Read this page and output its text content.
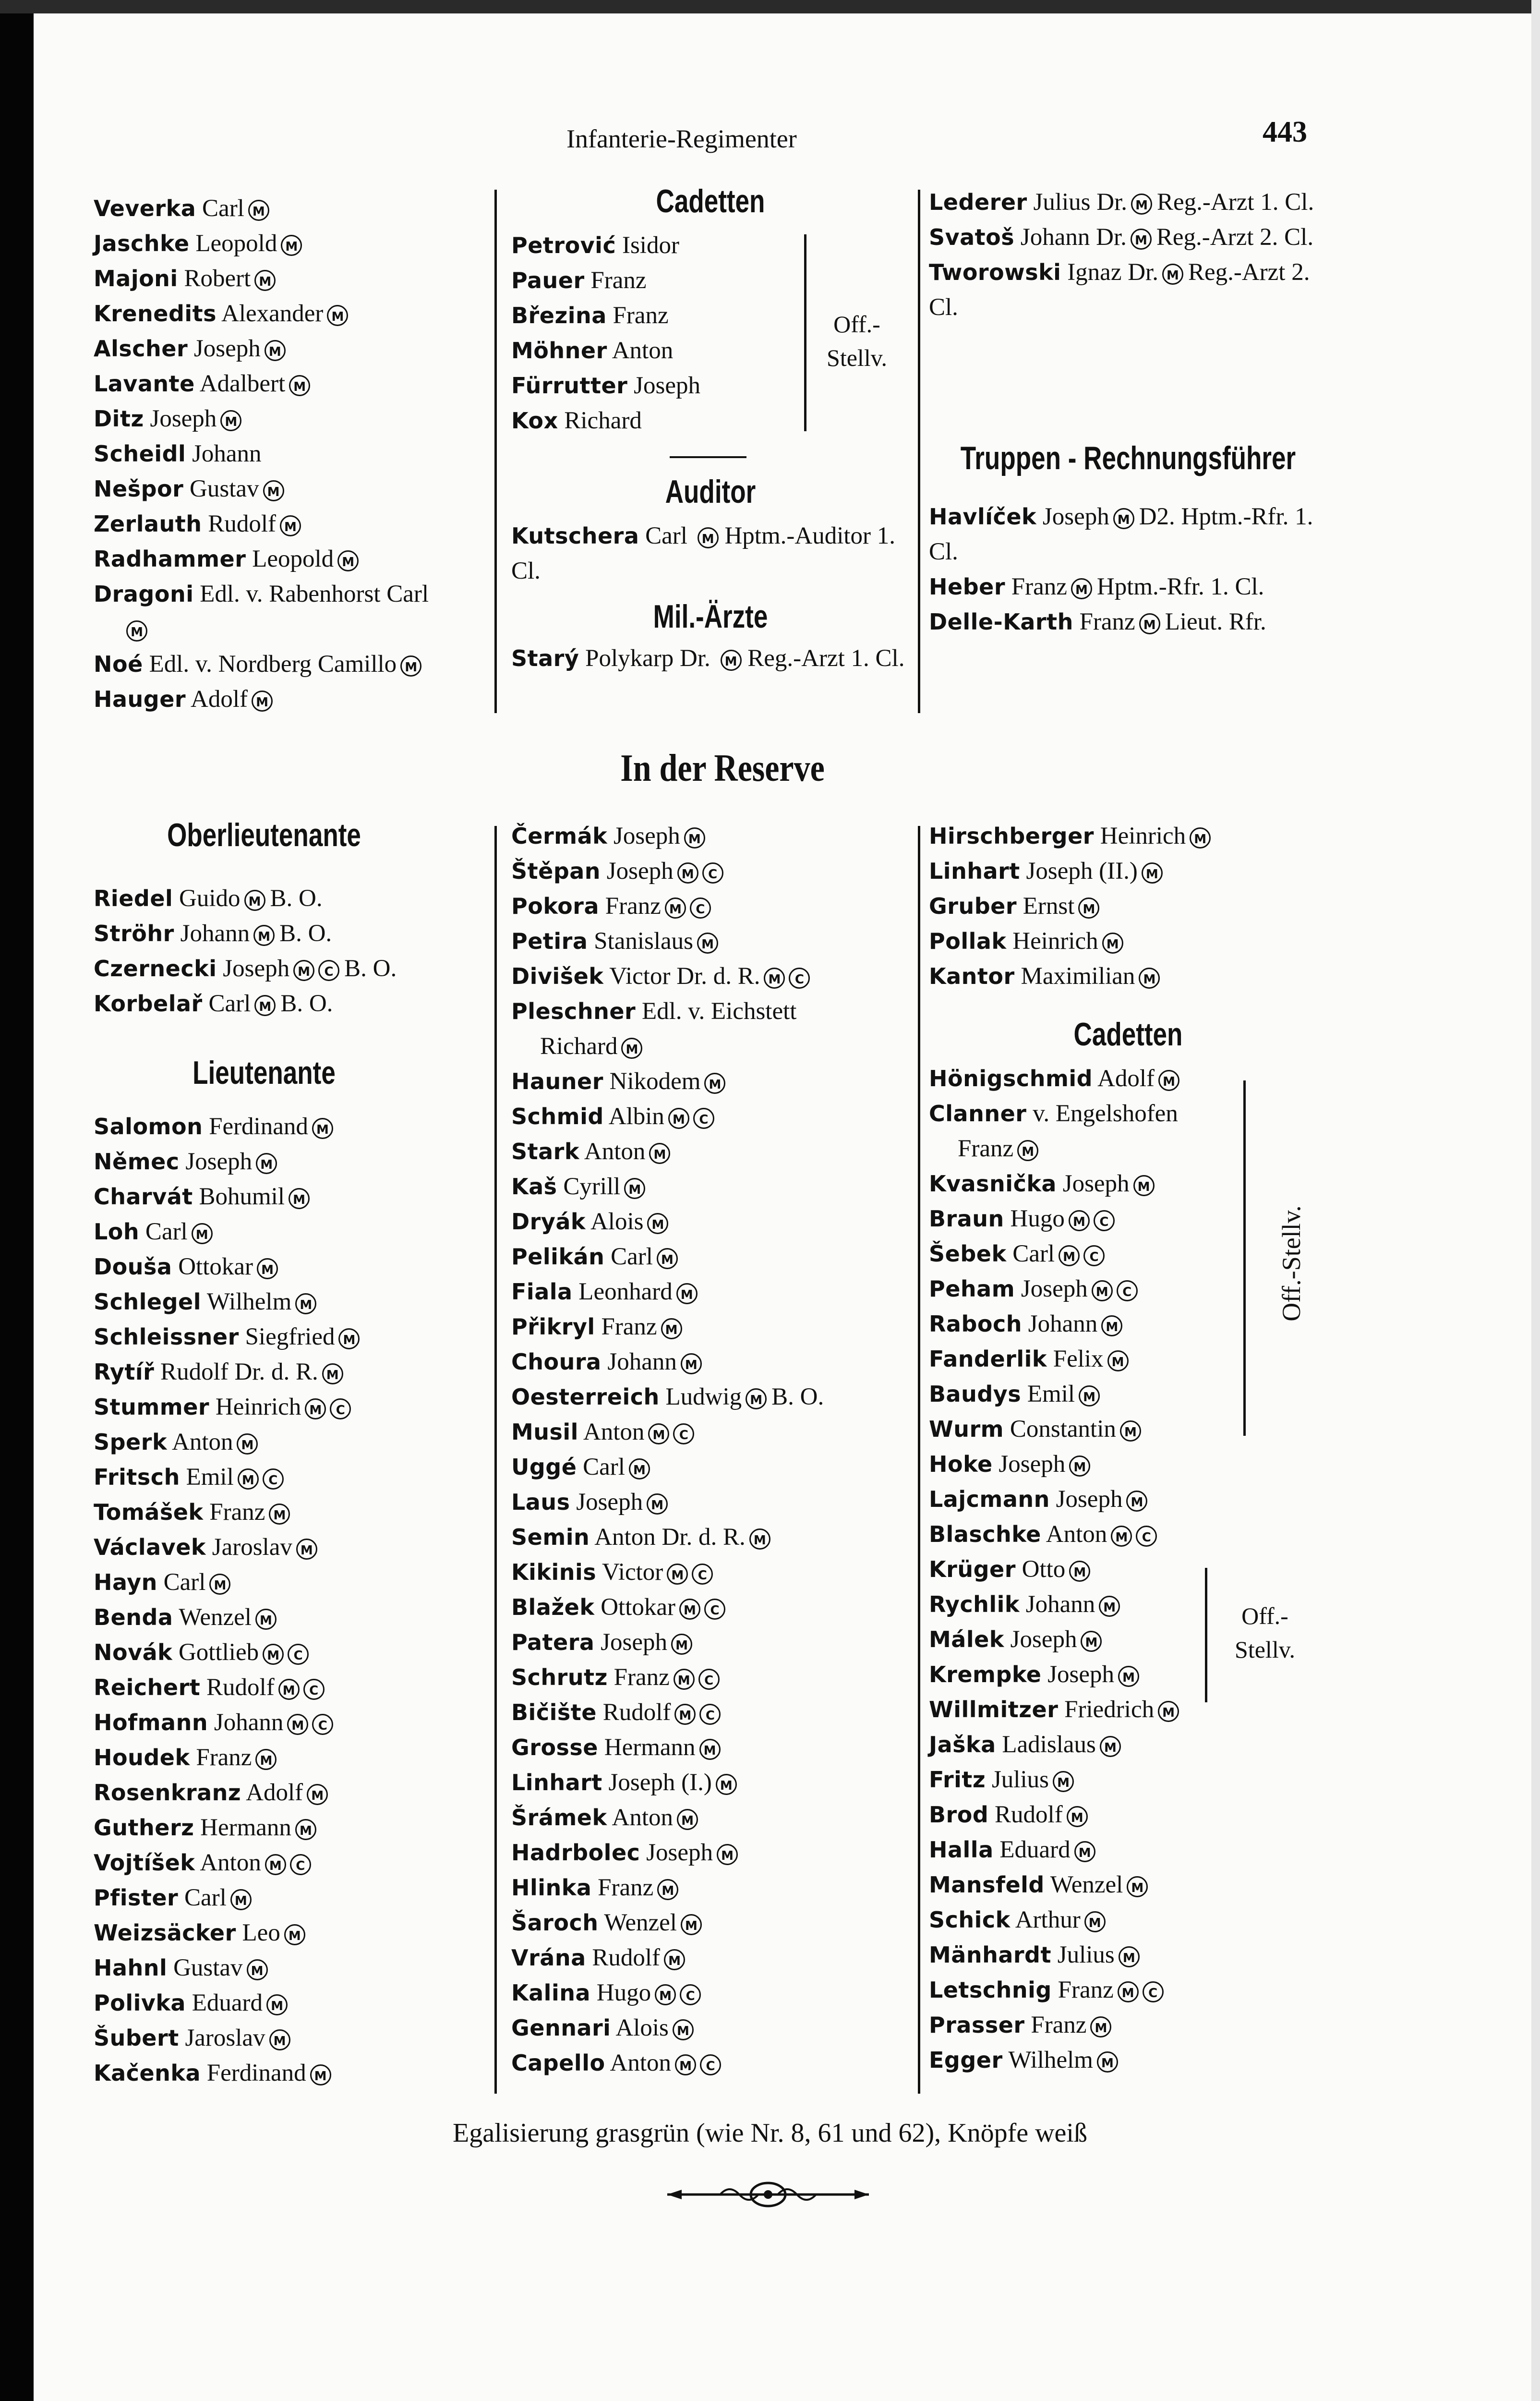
Infanterie-Regimenter	443
Veverka Carl M
Jaschke Leopold M
Majoni Robert M
Krenedits Alexander M
Alscher Joseph M
Lavante Adalbert M
Ditz Joseph M
Scheidl Johann
Nešpor Gustav M
Zerlauth Rudolf M
Radhammer Leopold M
Dragoni Edl. v. Rabenhorst Carl
M
Noé Edl. v. Nordberg Camillo M
Hauger Adolf M
Cadetten
Petrović Isidor
Pauer Franz
Březina Franz
Möhner Anton
Fürrutter Joseph
Kox Richard
Off.- Stellv.
Auditor
Kutschera Carl M Hptm.-Auditor 1. Cl.
Mil.-Ärzte
Starý Polykarp Dr. M Reg.-Arzt 1. Cl.
Lederer Julius Dr. M Reg.-Arzt 1. Cl.
Svatoš Johann Dr. M Reg.-Arzt 2. Cl.
Tworowski Ignaz Dr. M Reg.-Arzt 2. Cl.
Truppen - Rechnungsführer
Havlíček Joseph M D2. Hptm.-Rfr. 1. Cl.
Heber Franz M Hptm.-Rfr. 1. Cl.
Delle-Karth Franz M Lieut. Rfr.
In der Reserve
Oberlieutenante
Riedel Guido M B. O.
Ströhr Johann M B. O.
Czernecki Joseph M C B. O.
Korbelař Carl M B. O.
Lieutenante
Salomon Ferdinand M
Němec Joseph M
Charvát Bohumil M
Loh Carl M
Douša Ottokar M
Schlegel Wilhelm M
Schleissner Siegfried M
Rytíř Rudolf Dr. d. R. M
Stummer Heinrich M C
Sperk Anton M
Fritsch Emil M C
Tomášek Franz M
Václavek Jaroslav M
Hayn Carl M
Benda Wenzel M
Novák Gottlieb M C
Reichert Rudolf M C
Hofmann Johann M C
Houdek Franz M
Rosenkranz Adolf M
Gutherz Hermann M
Vojtíšek Anton M C
Pfister Carl M
Weizsäcker Leo M
Hahnl Gustav M
Polivka Eduard M
Šubert Jaroslav M
Kačenka Ferdinand M
Čermák Joseph M
Štěpan Joseph M C
Pokora Franz M C
Petira Stanislaus M
Divišek Victor Dr. d. R. M C
Pleschner Edl. v. Eichstett
Richard M
Hauner Nikodem M
Schmid Albin M C
Stark Anton M
Kaš Cyrill M
Dryák Alois M
Pelikán Carl M
Fiala Leonhard M
Přikryl Franz M
Choura Johann M
Oesterreich Ludwig M B. O.
Musil Anton M C
Uggé Carl M
Laus Joseph M
Semin Anton Dr. d. R. M
Kikinis Victor M C
Blažek Ottokar M C
Patera Joseph M
Schrutz Franz M C
Bičište Rudolf M C
Grosse Hermann M
Linhart Joseph (I.) M
Šrámek Anton M
Hadrbolec Joseph M
Hlinka Franz M
Šaroch Wenzel M
Vrána Rudolf M
Kalina Hugo M C
Gennari Alois M
Capello Anton M C
Hirschberger Heinrich M
Linhart Joseph (II.) M
Gruber Ernst M
Pollak Heinrich M
Kantor Maximilian M
Cadetten
Hönigschmid Adolf M
Clanner v. Engelshofen
Franz M
Kvasnička Joseph M
Braun Hugo M C
Šebek Carl M C
Peham Joseph M C
Raboch Johann M
Fanderlik Felix M
Baudys Emil M
Wurm Constantin M
Hoke Joseph M
Lajcmann Joseph M
Blaschke Anton M C
Krüger Otto M
Rychlik Johann M
Málek Joseph M
Krempke Joseph M
Willmitzer Friedrich M
Jaška Ladislaus M
Fritz Julius M
Brod Rudolf M
Halla Eduard M
Mansfeld Wenzel M
Schick Arthur M
Mänhardt Julius M
Letschnig Franz M C
Prasser Franz M
Egger Wilhelm M
Off.-Stellv.
Off.- Stellv.
Egalisierung grasgrün (wie Nr. 8, 61 und 62), Knöpfe weiß
